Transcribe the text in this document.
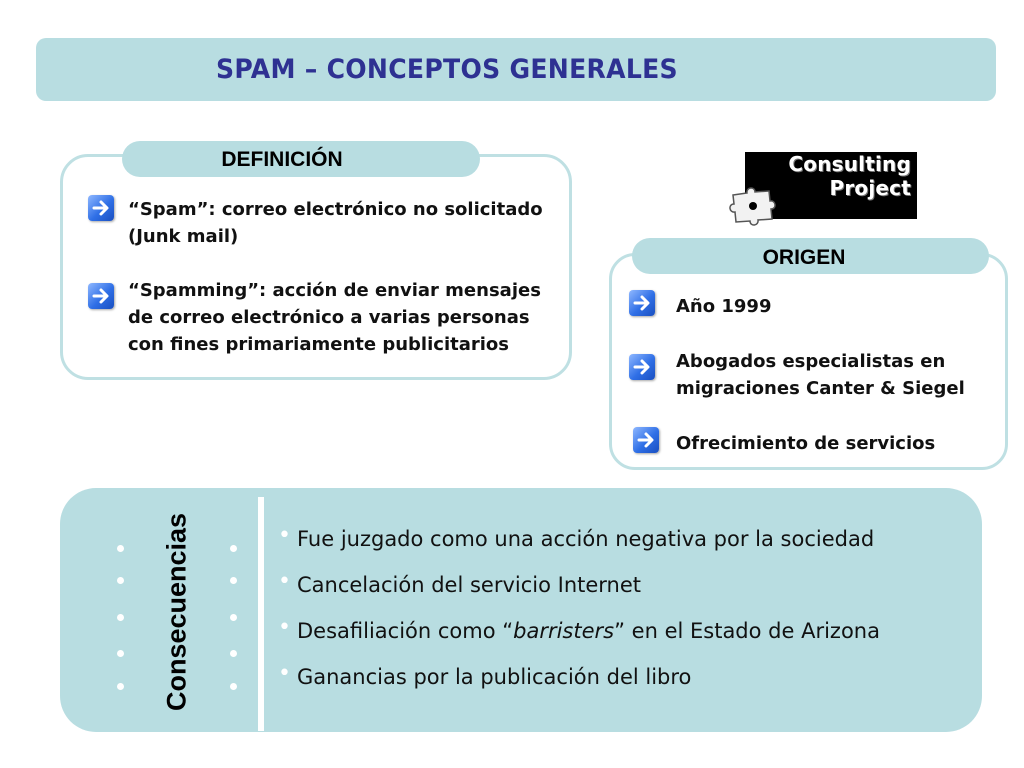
SPAM – CONCEPTOS GENERALES
DEFINICIÓN
“Spam”: correo electrónico no solicitado
(Junk mail)
“Spamming”: acción de enviar mensajes
de correo electrónico a varias personas
con fines primariamente publicitarios
Consulting
Project
ORIGEN
Año 1999
Abogados especialistas en
migraciones Canter & Siegel
Ofrecimiento de servicios
Consecuencias	• Fue juzgado como una acción negativa por la sociedad
• Cancelación del servicio Internet
• Desafiliación como “barristers” en el Estado de Arizona
• Ganancias por la publicación del libro
